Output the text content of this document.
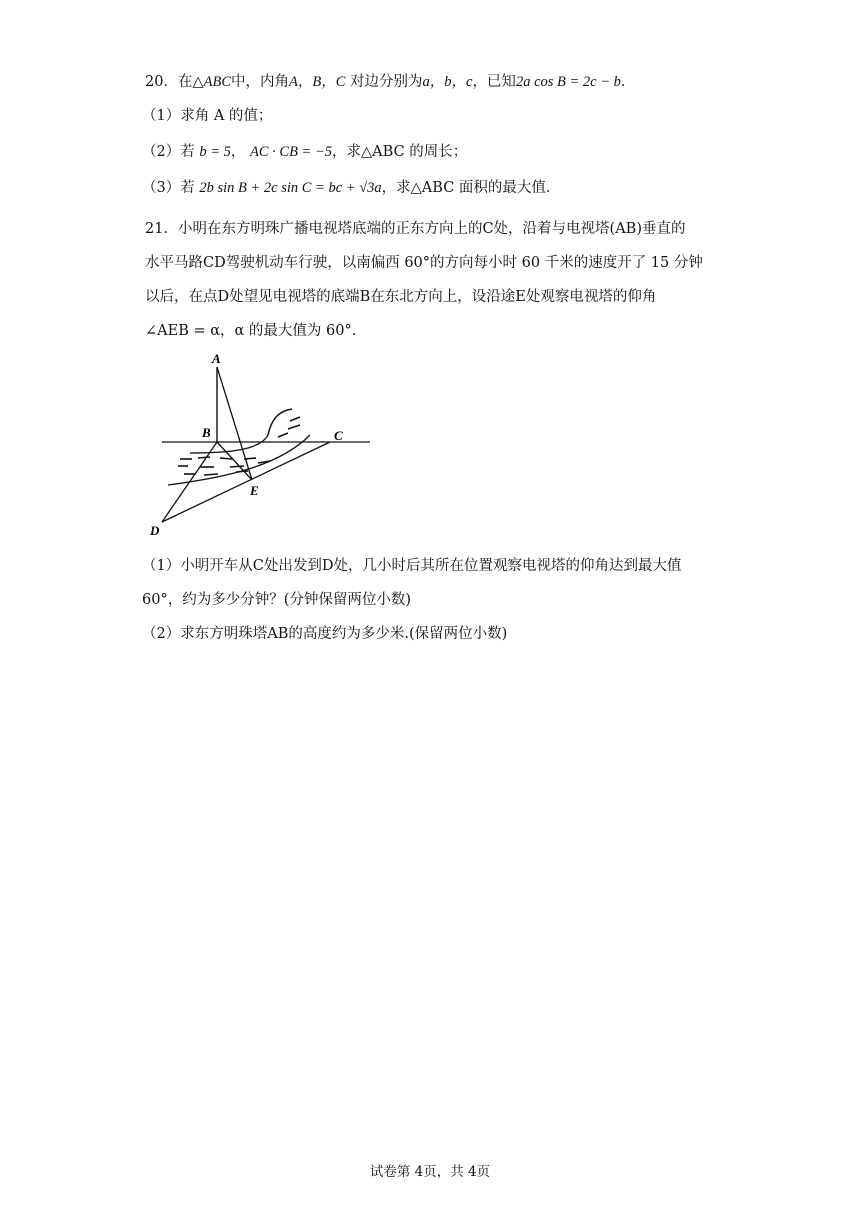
20．在△ABC中，内角A，B，C 对边分别为a，b，c，已知2a cos B = 2c − b．
（1）求角 A 的值；
（2）若 b = 5， AC · CB = −5，求△ABC 的周长；
（3）若 2b sin B + 2c sin C = bc + √3a，求△ABC 面积的最大值．
21．小明在东方明珠广播电视塔底端的正东方向上的C处，沿着与电视塔(AB)垂直的
水平马路CD驾驶机动车行驶，以南偏西 60°的方向每小时 60 千米的速度开了 15 分钟
以后，在点D处望见电视塔的底端B在东北方向上，设沿途E处观察电视塔的仰角
∠AEB = α，α 的最大值为 60°.
A
B	C
D
E
（1）小明开车从C处出发到D处，几小时后其所在位置观察电视塔的仰角达到最大值
60°，约为多少分钟？(分钟保留两位小数)
（2）求东方明珠塔AB的高度约为多少米.(保留两位小数)
试卷第 4页，共 4页
